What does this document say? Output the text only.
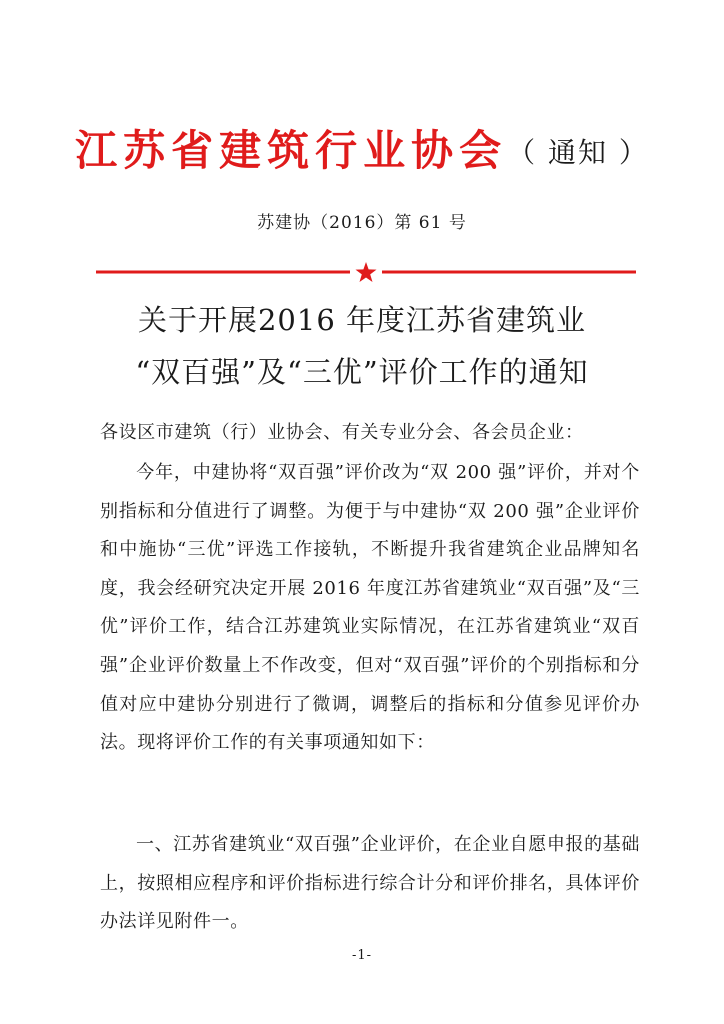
江苏省建筑行业协会（ 通知 ）
苏建协（2016）第 61 号
关于开展2016 年度江苏省建筑业
“双百强”及“三优”评价工作的通知
各设区市建筑（行）业协会、有关专业分会、各会员企业：
今年，中建协将“双百强”评价改为“双 200 强”评价，并对个别指标和分值进行了调整。为便于与中建协“双 200 强”企业评价和中施协“三优”评选工作接轨，不断提升我省建筑企业品牌知名度，我会经研究决定开展 2016 年度江苏省建筑业“双百强”及“三优”评价工作，结合江苏建筑业实际情况，在江苏省建筑业“双百强”企业评价数量上不作改变，但对“双百强”评价的个别指标和分值对应中建协分别进行了微调，调整后的指标和分值参见评价办法。现将评价工作的有关事项通知如下：
一、江苏省建筑业“双百强”企业评价，在企业自愿申报的基础上，按照相应程序和评价指标进行综合计分和评价排名，具体评价办法详见附件一。
-1-
